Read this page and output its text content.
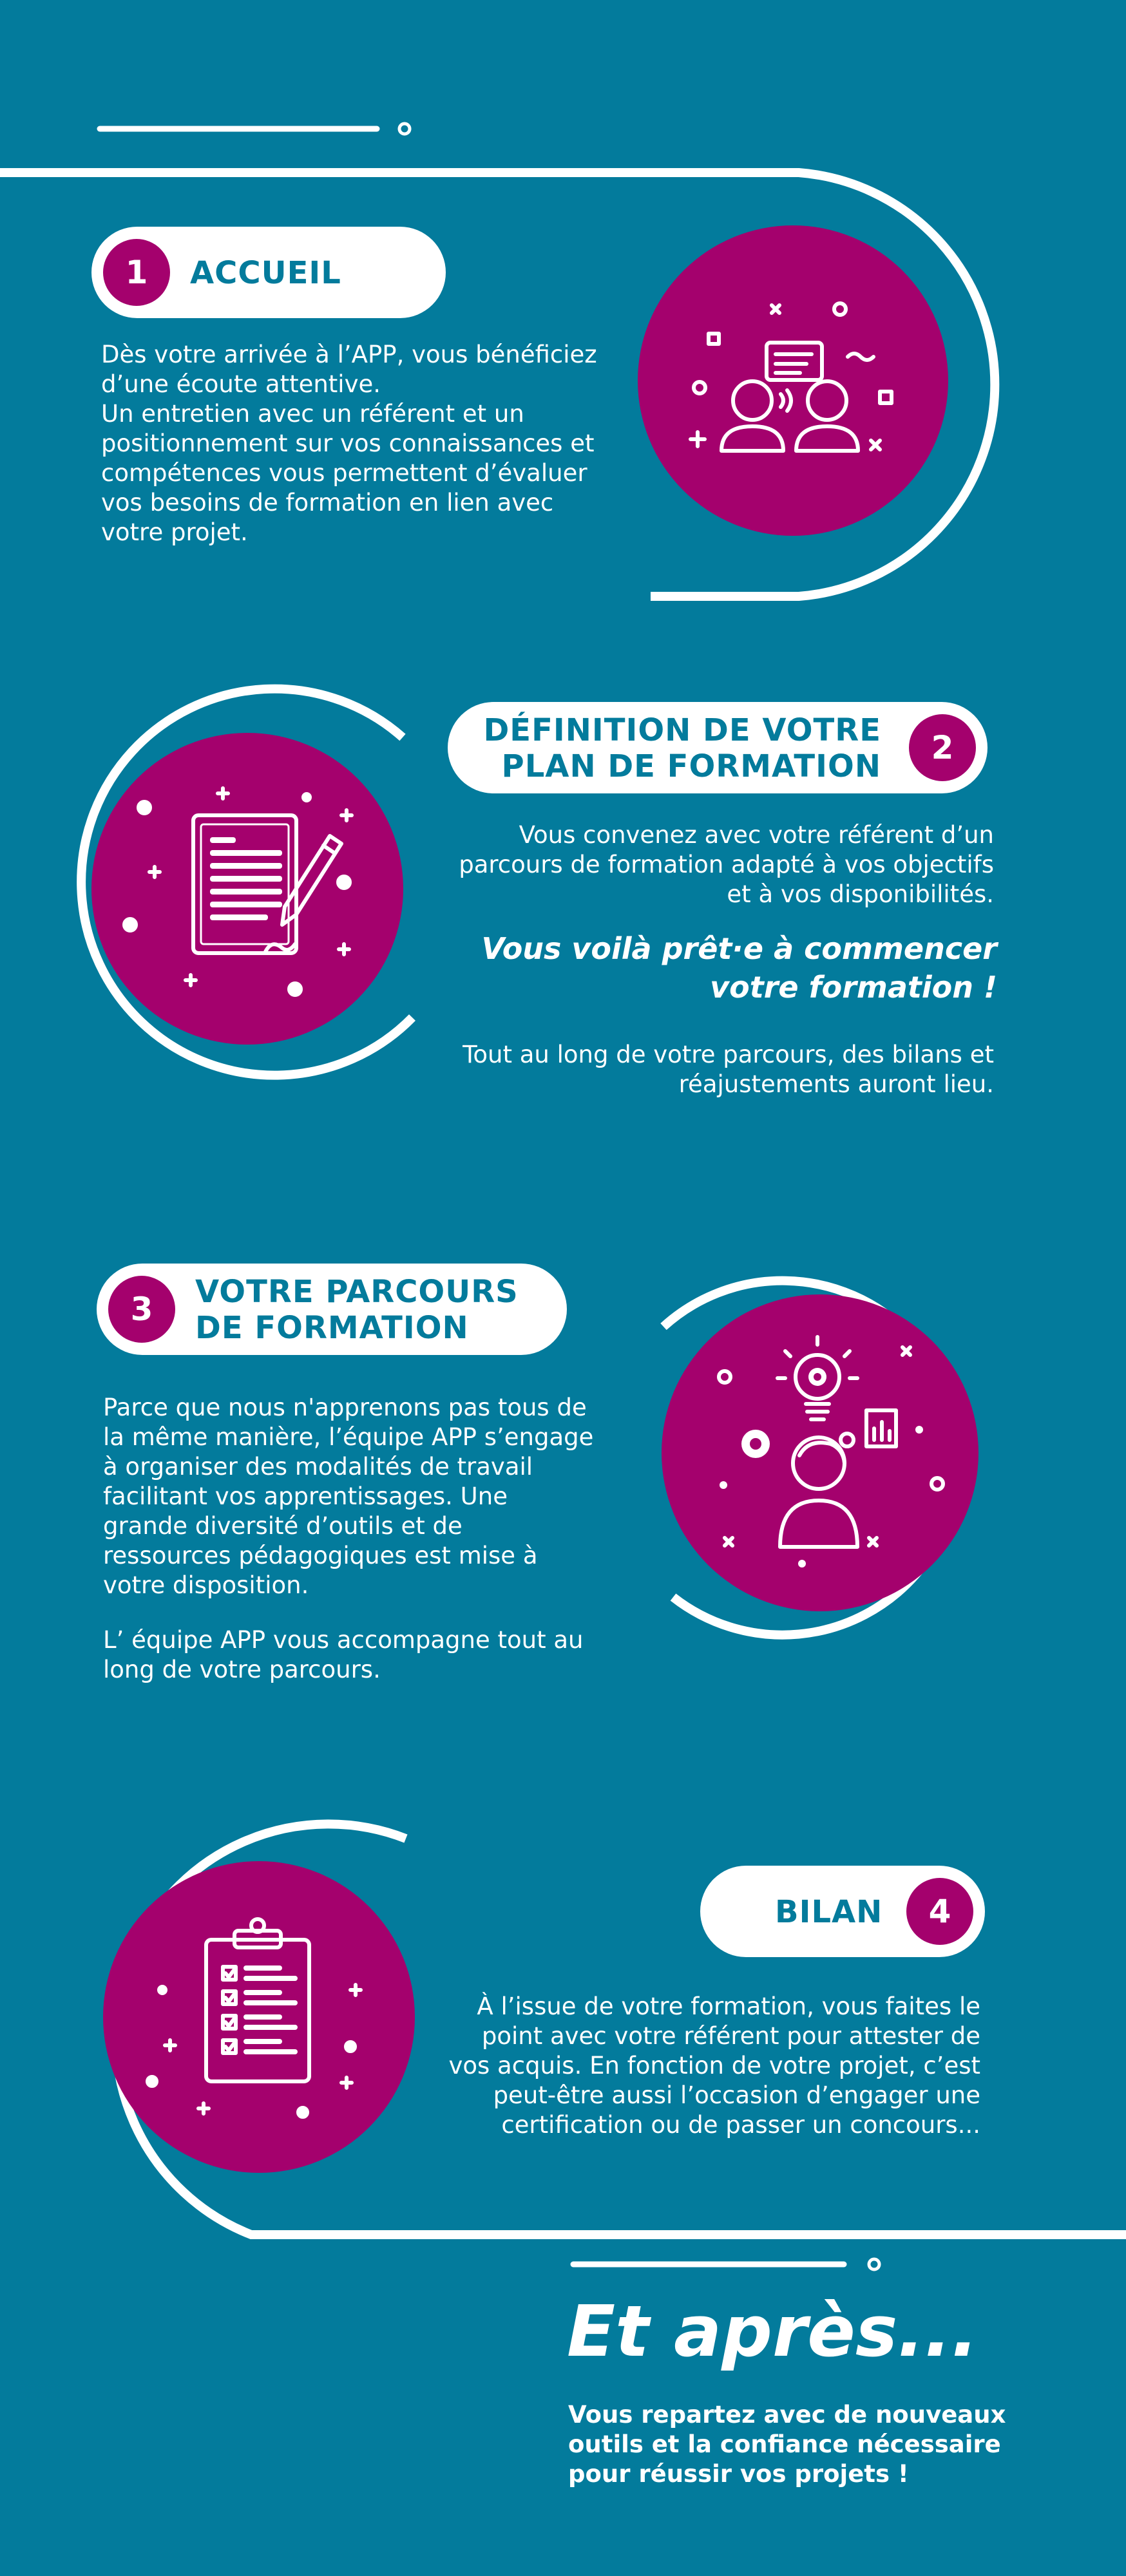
1	ACCUEIL
Dès votre arrivée à l’APP, vous bénéficiez
d’une écoute attentive.
Un entretien avec un référent et un
positionnement sur vos connaissances et
compétences vous permettent d’évaluer
vos besoins de formation en lien avec
votre projet.
DÉFINITION DE VOTRE
PLAN DE FORMATION	2
Vous convenez avec votre référent d’un
parcours de formation adapté à vos objectifs
et à vos disponibilités.
Vous voilà prêt·e à commencer
votre formation !
Tout au long de votre parcours, des bilans et
réajustements auront lieu.
3	VOTRE PARCOURS
DE FORMATION
Parce que nous n'apprenons pas tous de
la même manière, l’équipe APP s’engage
à organiser des modalités de travail
facilitant vos apprentissages. Une
grande diversité d’outils et de
ressources pédagogiques est mise à
votre disposition.
L’ équipe APP vous accompagne tout au
long de votre parcours.
BILAN	4
À l’issue de votre formation, vous faites le
point avec votre référent pour attester de
vos acquis. En fonction de votre projet, c’est
peut-être aussi l’occasion d’engager une
certification ou de passer un concours...
Et après...
Vous repartez avec de nouveaux
outils et la confiance nécessaire
pour réussir vos projets !
